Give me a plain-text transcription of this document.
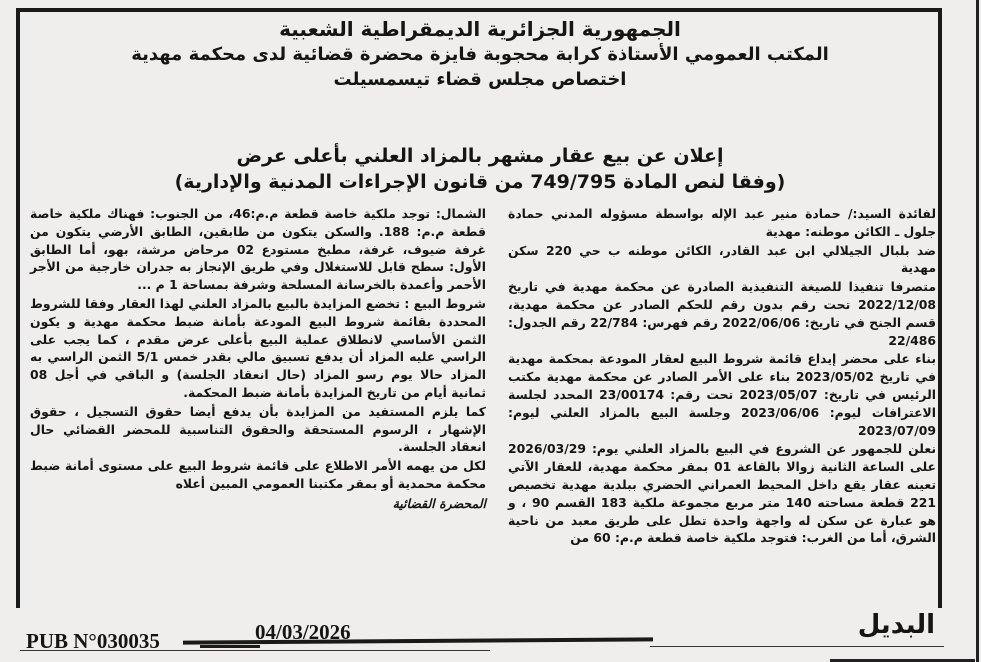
الجمهورية الجزائرية الديمقراطية الشعبية
المكتب العمومي الأستاذة كرابة محجوبة فايزة محضرة قضائية لدى محكمة مهدية
اختصاص مجلس قضاء تيسمسيلت
إعلان عن بيع عقار مشهر بالمزاد العلني بأعلى عرض
(وفقا لنص المادة 749/795 من قانون الإجراءات المدنية والإدارية)

لفائدة السيد:/ حمادة منير عبد الإله بواسطة مسؤوله المدني حمادة جلول ـ الكائن موطنه: مهدية

ضد بلبال الجيلالي ابن عبد القادر، الكائن موطنه ب حي 220 سكن مهدية

متصرفا تنفيذا للصيغة التنفيذية الصادرة عن محكمة مهدية في تاريخ 2022/12/08 تحت رقم بدون رقم للحكم الصادر عن محكمة مهدية، قسم الجنح في تاريخ: 2022/06/06 رقم فهرس: 22/784 رقم الجدول: 22/486

بناء على محضر إيداع قائمة شروط البيع لعقار المودعة بمحكمة مهدية في تاريخ 2023/05/02 بناء على الأمر الصادر عن محكمة مهدية مكتب الرئيس في تاريخ: 2023/05/07 تحت رقم: 23/00174 المحدد لجلسة الاعترافات ليوم: 2023/06/06 وجلسة البيع بالمزاد العلني ليوم: 2023/07/09

نعلن للجمهور عن الشروع في البيع بالمزاد العلني يوم: 2026/03/29 على الساعة الثانية زوالا بالقاعة 01 بمقر محكمة مهدية، للعقار الآتي تعينه عقار يقع داخل المحيط العمراني الحضري ببلدية مهدية تخصيص 221 قطعة مساحته 140 متر مربع مجموعة ملكية 183 القسم 90 ، و هو عبارة عن سكن له واجهة واحدة تطل على طريق معبد من ناحية الشرق، أما من الغرب: فتوجد ملكية خاصة قطعة م.م: 60 من

الشمال: توجد ملكية خاصة قطعة م.م:46، من الجنوب: فهناك ملكية خاصة قطعة م.م: 188. والسكن يتكون من طابقين، الطابق الأرضي يتكون من غرفة ضيوف، غرفة، مطبخ مستودع 02 مرحاض مرشة، بهو، أما الطابق الأول: سطح قابل للاستغلال وفي طريق الإنجاز به جدران خارجية من الأجر الأحمر وأعمدة بالخرسانة المسلحة وشرفة بمساحة 1 م ...

شروط البيع : تخضع المزايدة بالبيع بالمزاد العلني لهذا العقار وفقا للشروط المحددة بقائمة شروط البيع المودعة بأمانة ضبط محكمة مهدية و يكون الثمن الأساسي لانطلاق عملية البيع بأعلى عرض مقدم ، كما يجب على الراسي عليه المزاد أن يدفع تسبيق مالي بقدر خمس 5/1 الثمن الراسي به المزاد حالا يوم رسو المزاد (حال انعقاد الجلسة) و الباقي في أجل 08 ثمانية أيام من تاريخ المزايدة بأمانة ضبط المحكمة.

كما يلزم المستفيد من المزايدة بأن يدفع أيضا حقوق التسجيل ، حقوق الإشهار ، الرسوم المستحقة والحقوق التناسبية للمحضر القضائي حال انعقاد الجلسة.

لكل من يهمه الأمر الاطلاع على قائمة شروط البيع على مستوى أمانة ضبط محكمة محمدية أو بمقر مكتبنا العمومي المبين أعلاه

المحضرة القضائية
البديل
PUB N°030035	04/03/2026
